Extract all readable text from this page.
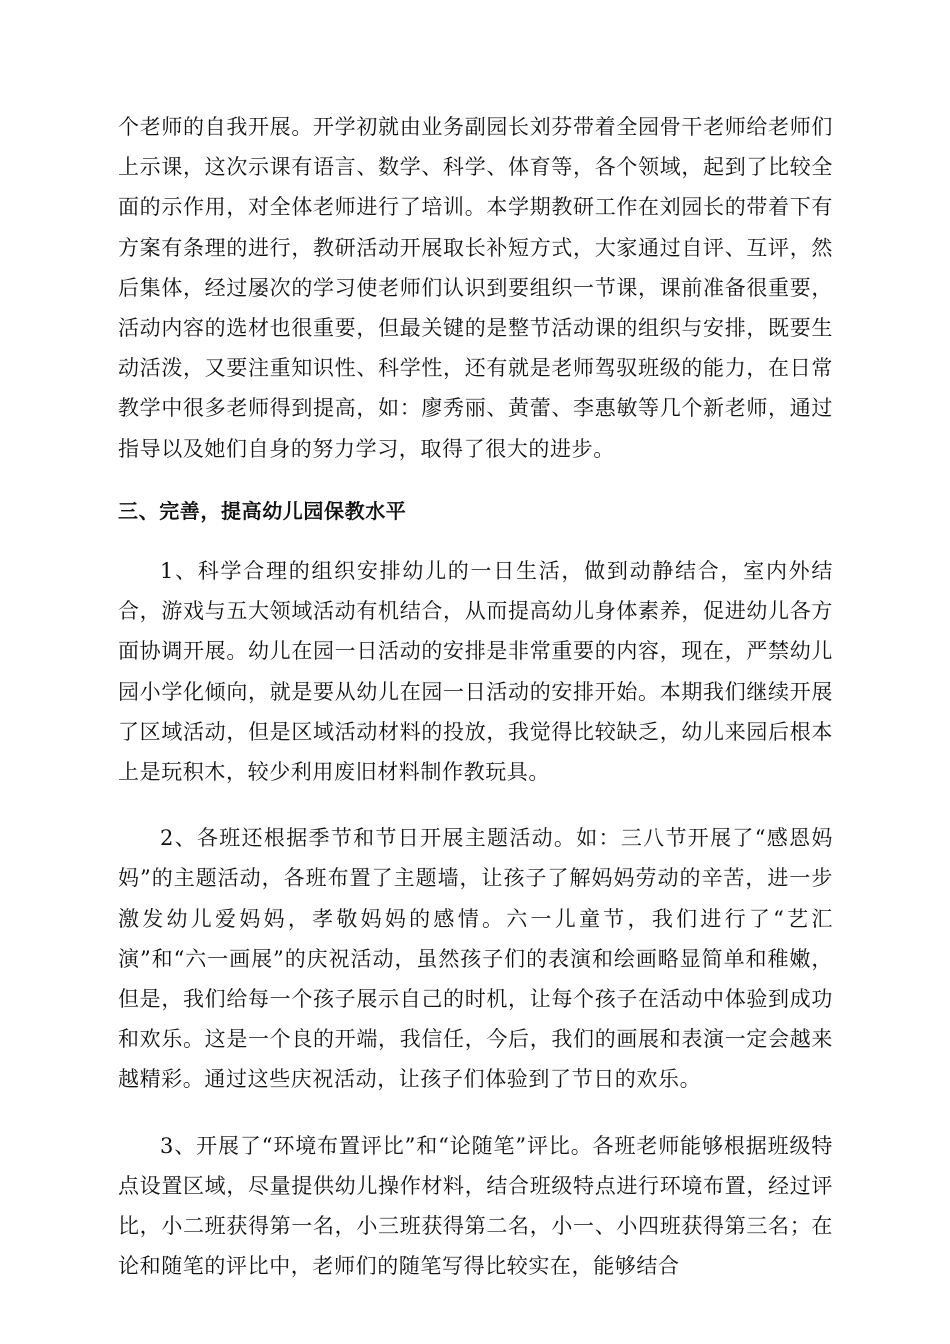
个老师的自我开展。开学初就由业务副园长刘芬带着全园骨干老师给老师们上示课，这次示课有语言、数学、科学、体育等，各个领域，起到了比较全面的示作用，对全体老师进行了培训。本学期教研工作在刘园长的带着下有方案有条理的进行，教研活动开展取长补短方式，大家通过自评、互评，然后集体，经过屡次的学习使老师们认识到要组织一节课，课前准备很重要，活动内容的选材也很重要，但最关键的是整节活动课的组织与安排，既要生动活泼，又要注重知识性、科学性，还有就是老师驾驭班级的能力，在日常教学中很多老师得到提高，如：廖秀丽、黄蕾、李惠敏等几个新老师，通过指导以及她们自身的努力学习，取得了很大的进步。

三、完善，提高幼儿园保教水平

1、科学合理的组织安排幼儿的一日生活，做到动静结合，室内外结合，游戏与五大领域活动有机结合，从而提高幼儿身体素养，促进幼儿各方面协调开展。幼儿在园一日活动的安排是非常重要的内容，现在，严禁幼儿园小学化倾向，就是要从幼儿在园一日活动的安排开始。本期我们继续开展了区域活动，但是区域活动材料的投放，我觉得比较缺乏，幼儿来园后根本上是玩积木，较少利用废旧材料制作教玩具。

2、各班还根据季节和节日开展主题活动。如：三八节开展了“感恩妈妈”的主题活动，各班布置了主题墙，让孩子了解妈妈劳动的辛苦，进一步激发幼儿爱妈妈，孝敬妈妈的感情。六一儿童节，我们进行了“艺汇演”和“六一画展”的庆祝活动，虽然孩子们的表演和绘画略显简单和稚嫩，但是，我们给每一个孩子展示自己的时机，让每个孩子在活动中体验到成功和欢乐。这是一个良的开端，我信任，今后，我们的画展和表演一定会越来越精彩。通过这些庆祝活动，让孩子们体验到了节日的欢乐。

3、开展了“环境布置评比”和“论随笔”评比。各班老师能够根据班级特点设置区域，尽量提供幼儿操作材料，结合班级特点进行环境布置，经过评比，小二班获得第一名，小三班获得第二名，小一、小四班获得第三名；在论和随笔的评比中，老师们的随笔写得比较实在，能够结合
